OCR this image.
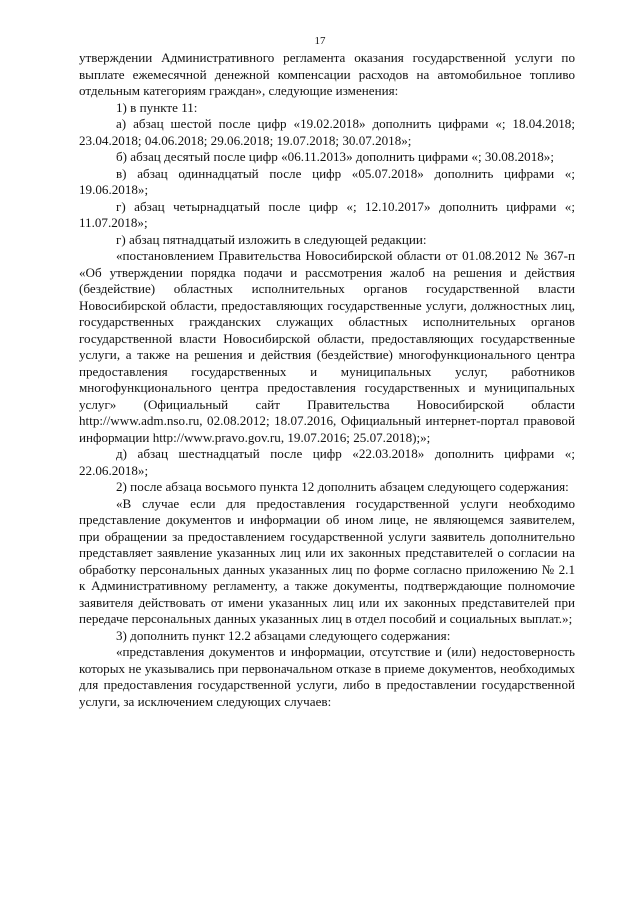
17

утверждении Административного регламента оказания государственной услуги по выплате ежемесячной денежной компенсации расходов на автомобильное топливо отдельным категориям граждан», следующие изменения:

1) в пункте 11:

а) абзац шестой после цифр «19.02.2018» дополнить цифрами «; 18.04.2018; 23.04.2018; 04.06.2018; 29.06.2018; 19.07.2018; 30.07.2018»;

б) абзац десятый после цифр «06.11.2013» дополнить цифрами «; 30.08.2018»;

в) абзац одиннадцатый после цифр «05.07.2018» дополнить цифрами «; 19.06.2018»;

г) абзац четырнадцатый после цифр «; 12.10.2017» дополнить цифрами «; 11.07.2018»;

г) абзац пятнадцатый изложить в следующей редакции:

«постановлением Правительства Новосибирской области от 01.08.2012 № 367-п «Об утверждении порядка подачи и рассмотрения жалоб на решения и действия (бездействие) областных исполнительных органов государственной власти Новосибирской области, предоставляющих государственные услуги, должностных лиц, государственных гражданских служащих областных исполнительных органов государственной власти Новосибирской области, предоставляющих государственные услуги, а также на решения и действия (бездействие) многофункционального центра предоставления государственных и муниципальных услуг, работников многофункционального центра предоставления государственных и муниципальных услуг» (Официальный сайт Правительства Новосибирской области http://www.adm.nso.ru, 02.08.2012; 18.07.2016, Официальный интернет-портал правовой информации http://www.pravo.gov.ru, 19.07.2016; 25.07.2018);»;

д) абзац шестнадцатый после цифр «22.03.2018» дополнить цифрами «; 22.06.2018»;

2) после абзаца восьмого пункта 12 дополнить абзацем следующего содержания:

«В случае если для предоставления государственной услуги необходимо представление документов и информации об ином лице, не являющемся заявителем, при обращении за предоставлением государственной услуги заявитель дополнительно представляет заявление указанных лиц или их законных представителей о согласии на обработку персональных данных указанных лиц по форме согласно приложению № 2.1 к Административному регламенту, а также документы, подтверждающие полномочие заявителя действовать от имени указанных лиц или их законных представителей при передаче персональных данных указанных лиц в отдел пособий и социальных выплат.»;

3) дополнить пункт 12.2 абзацами следующего содержания:

«представления документов и информации, отсутствие и (или) недостоверность которых не указывались при первоначальном отказе в приеме документов, необходимых для предоставления государственной услуги, либо в предоставлении государственной услуги, за исключением следующих случаев:
